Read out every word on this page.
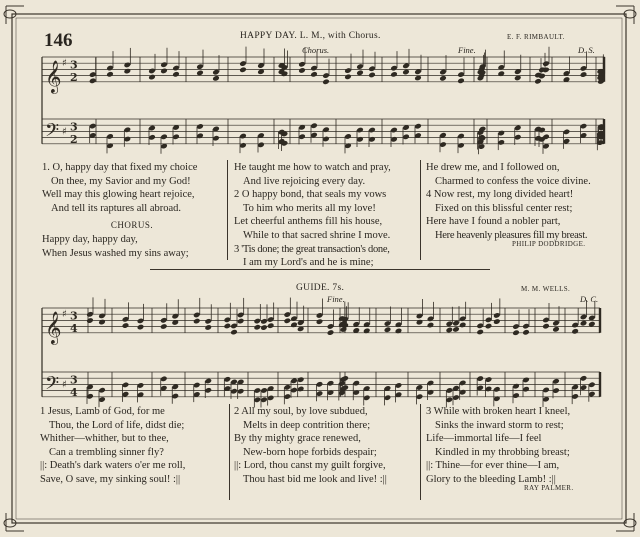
146	HAPPY DAY. L. M., with Chorus.	E. F. RIMBAULT.
Chorus.	Fine.	D. S.
𝄞
𝄢
♯
♯
3
2
3
2
𝄞
𝄢
♯
♯
3
4
3
4
1. O, happy day that fixed my choice
On thee, my Savior and my God!
Well may this glowing heart rejoice,
And tell its raptures all abroad.
CHORUS.
Happy day, happy day,
When Jesus washed my sins away;
He taught me how to watch and pray,
And live rejoicing every day.
2 O happy bond, that seals my vows
To him who merits all my love!
Let cheerful anthems fill his house,
While to that sacred shrine I move.
3 'Tis done; the great transaction's done,
I am my Lord's and he is mine;
He drew me, and I followed on,
Charmed to confess the voice divine.
4 Now rest, my long divided heart!
Fixed on this blissful center rest;
Here have I found a nobler part,
Here heavenly pleasures fill my breast.
PHILIP DODDRIDGE.
GUIDE. 7s.	M. M. WELLS.
Fine.	D. C.
1 Jesus, Lamb of God, for me
Thou, the Lord of life, didst die;
Whither—whither, but to thee,
Can a trembling sinner fly?
||: Death's dark waters o'er me roll,
Save, O save, my sinking soul! :||
2 All my soul, by love subdued,
Melts in deep contrition there;
By thy mighty grace renewed,
New-born hope forbids despair;
||: Lord, thou canst my guilt forgive,
Thou hast bid me look and live! :||
3 While with broken heart I kneel,
Sinks the inward storm to rest;
Life—immortal life—I feel
Kindled in my throbbing breast;
||: Thine—for ever thine—I am,
Glory to the bleeding Lamb! :||
RAY PALMER.
